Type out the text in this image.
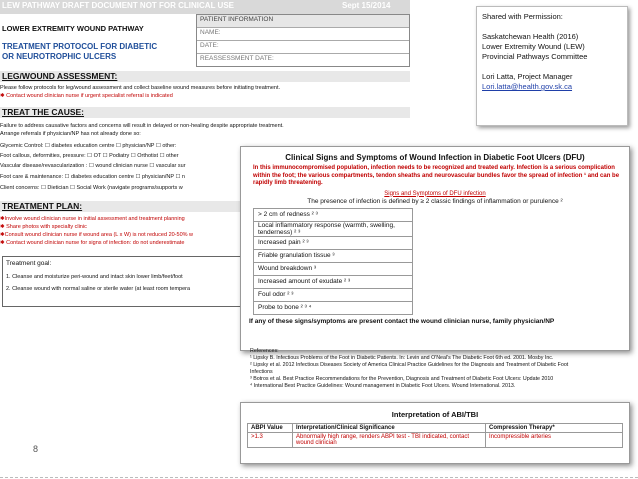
LEW PATHWAY DRAFT DOCUMENT NOT FOR CLINICAL USE	Sept 15/2014
LOWER EXTREMITY WOUND PATHWAY
TREATMENT PROTOCOL FOR DIABETIC
OR NEUROTROPHIC ULCERS
PATIENT INFORMATION
NAME:
DATE:
REASSESSMENT DATE:
LEG/WOUND ASSESSMENT:
Please follow protocols for leg/wound assessment and collect baseline wound measures before initiating treatment.
✱ Contact wound clinician nurse if urgent specialist referral is indicated
TREAT THE CAUSE:
Failure to address causative factors and concerns will result in delayed or non-healing despite appropriate treatment.
Arrange referrals if physician/NP has not already done so:
Glycemic Control: ☐ diabetes education centre ☐ physician/NP ☐ other:
Foot callous, deformities, pressure: ☐ OT ☐ Podiatry ☐ Orthotist ☐ other
Vascular disease/revascularization : ☐ wound clinician nurse ☐ vascular sur
Foot care & maintenance: ☐ diabetes education centre ☐ physician/NP ☐ n
Client concerns: ☐ Dietician ☐ Social Work (navigate programs/supports w
TREATMENT PLAN:
✱Involve wound clinician nurse in initial assessment and treatment planning
✱ Share photos with specialty clinic
✱Consult wound clinician nurse if wound area (L x W) is not reduced 20-50% w
✱ Contact wound clinician nurse for signs of infection: do not underestimate
Treatment goal:
1. Cleanse and moisturize peri-wound and intact skin lower limb/feet/foot
2. Cleanse wound with normal saline or sterile water (at least room tempera
Shared with Permission:
Saskatchewan Health (2016)
Lower Extremity Wound (LEW)
Provincial Pathways Committee
Lori Latta, Project Manager
Lori.latta@health.gov.sk.ca
Clinical Signs and Symptoms of Wound Infection in Diabetic Foot Ulcers (DFU)
In this immunocompromised population, infection needs to be recognized and treated early. Infection is a serious complication within the foot; the various compartments, tendon sheaths and neurovascular bundles favor the spread of infection ¹ and can be rapidly limb threatening.
Signs and Symptoms of DFU infection
The presence of infection is defined by ≥ 2 classic findings of inflammation or purulence ²
> 2 cm of redness ² ³
Local inflammatory response (warmth, swelling, tenderness) ² ³
Increased pain ² ³
Friable granulation tissue ³
Wound breakdown ³
Increased amount of exudate ² ³
Foul odor ² ³
Probe to bone ² ³ ⁴
If any of these signs/symptoms are present contact the wound clinician nurse, family physician/NP
References:
¹ Lipsky B. Infectious Problems of the Foot in Diabetic Patients. In: Levin and O'Neal's The Diabetic Foot 6th ed. 2001. Mosby Inc.
² Lipsky et al. 2012 Infectious Diseases Society of America Clinical Practice Guidelines for the Diagnosis and Treatment of Diabetic Foot
Infections
³ Botros et al. Best Practice Recommendations for the Prevention, Diagnosis and Treatment of Diabetic Foot Ulcers: Update 2010
⁴ International Best Practice Guidelines: Wound management in Diabetic Foot Ulcers. Wound International. 2013.
Interpretation of ABI/TBI
ABPI Value	Interpretation/Clinical Significance	Compression Therapy*
>1.3	Abnormally high range, renders ABPI test - TBI indicated, contact wound clinician	Incompressible arteries
8
